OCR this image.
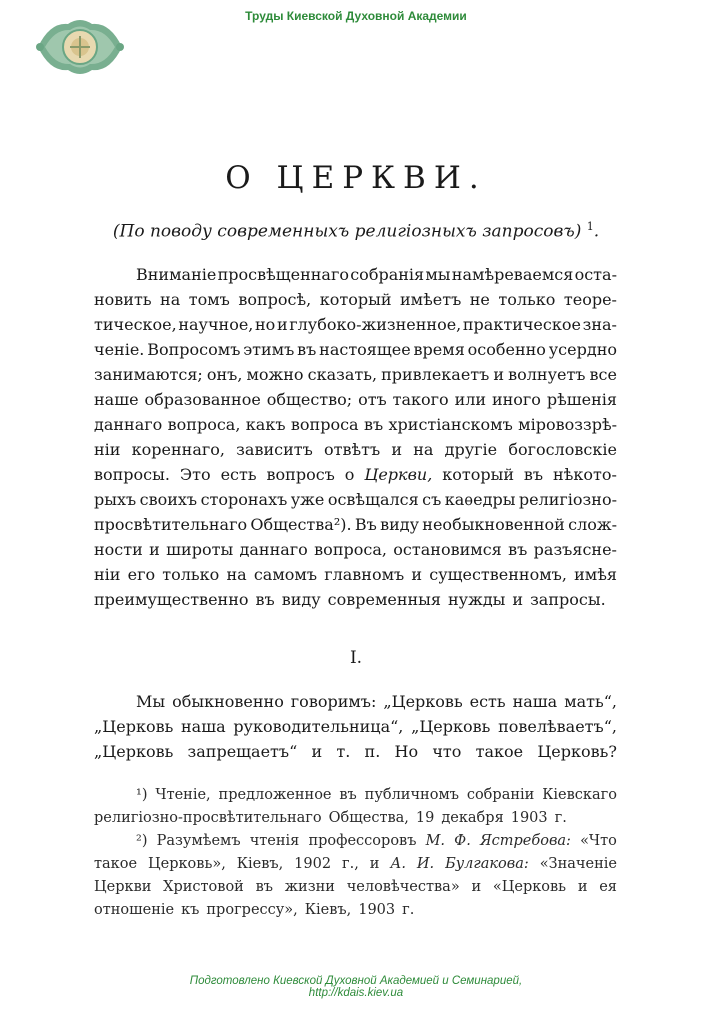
Труды Киевской Духовной Академии
О ЦЕРКВИ.
(По поводу современныхъ религiозныхъ запросовъ) $^1$.
Вниманiе просвѣщеннаго собранiя мы намѣреваемся оста-
новить на томъ вопросѣ, который имѣетъ не только теоре-
тическое, научное, но и глубоко-жизненное, практическое зна-
ченiе. Вопросомъ этимъ въ настоящее время особенно усердно
занимаются; онъ, можно сказать, привлекаетъ и волнуетъ все
наше образованное общество; отъ такого или иного рѣшенiя
даннаго вопроса, какъ вопроса въ христiанскомъ мiровоззрѣ-
нiи кореннаго, зависитъ отвѣтъ и на другiе богословскiе
вопросы. Это есть вопросъ о Церкви, который въ нѣкото-
рыхъ своихъ сторонахъ уже освѣщался съ каѳедры религiозно-
просвѣтительнаго Общества²). Въ виду необыкновенной слож-
ности и широты даннаго вопроса, остановимся въ разъясне-
нiи его только на самомъ главномъ и существенномъ, имѣя
преимущественно въ виду современныя нужды и запросы.
I.
Мы обыкновенно говоримъ: „Церковь есть наша мать“,
„Церковь наша руководительница“, „Церковь повелѣваетъ“,
„Церковь запрещаетъ“ и т. п. Но что такое Церковь?
¹) Чтенiе, предложенное въ публичномъ собранiи Кiевскаго
религiозно-просвѣтительнаго Общества, 19 декабря 1903 г.
²) Разумѣемъ чтенiя профессоровъ М. Ф. Ястребова: «Что
такое Церковь», Кiевъ, 1902 г., и А. И. Булгакова: «Значенiе
Церкви Христовой въ жизни человѣчества» и «Церковь и ея
отношенiе къ прогрессу», Кiевъ, 1903 г.
Подготовлено Киевской Духовной Академией и Семинарией,
http://kdais.kiev.ua
